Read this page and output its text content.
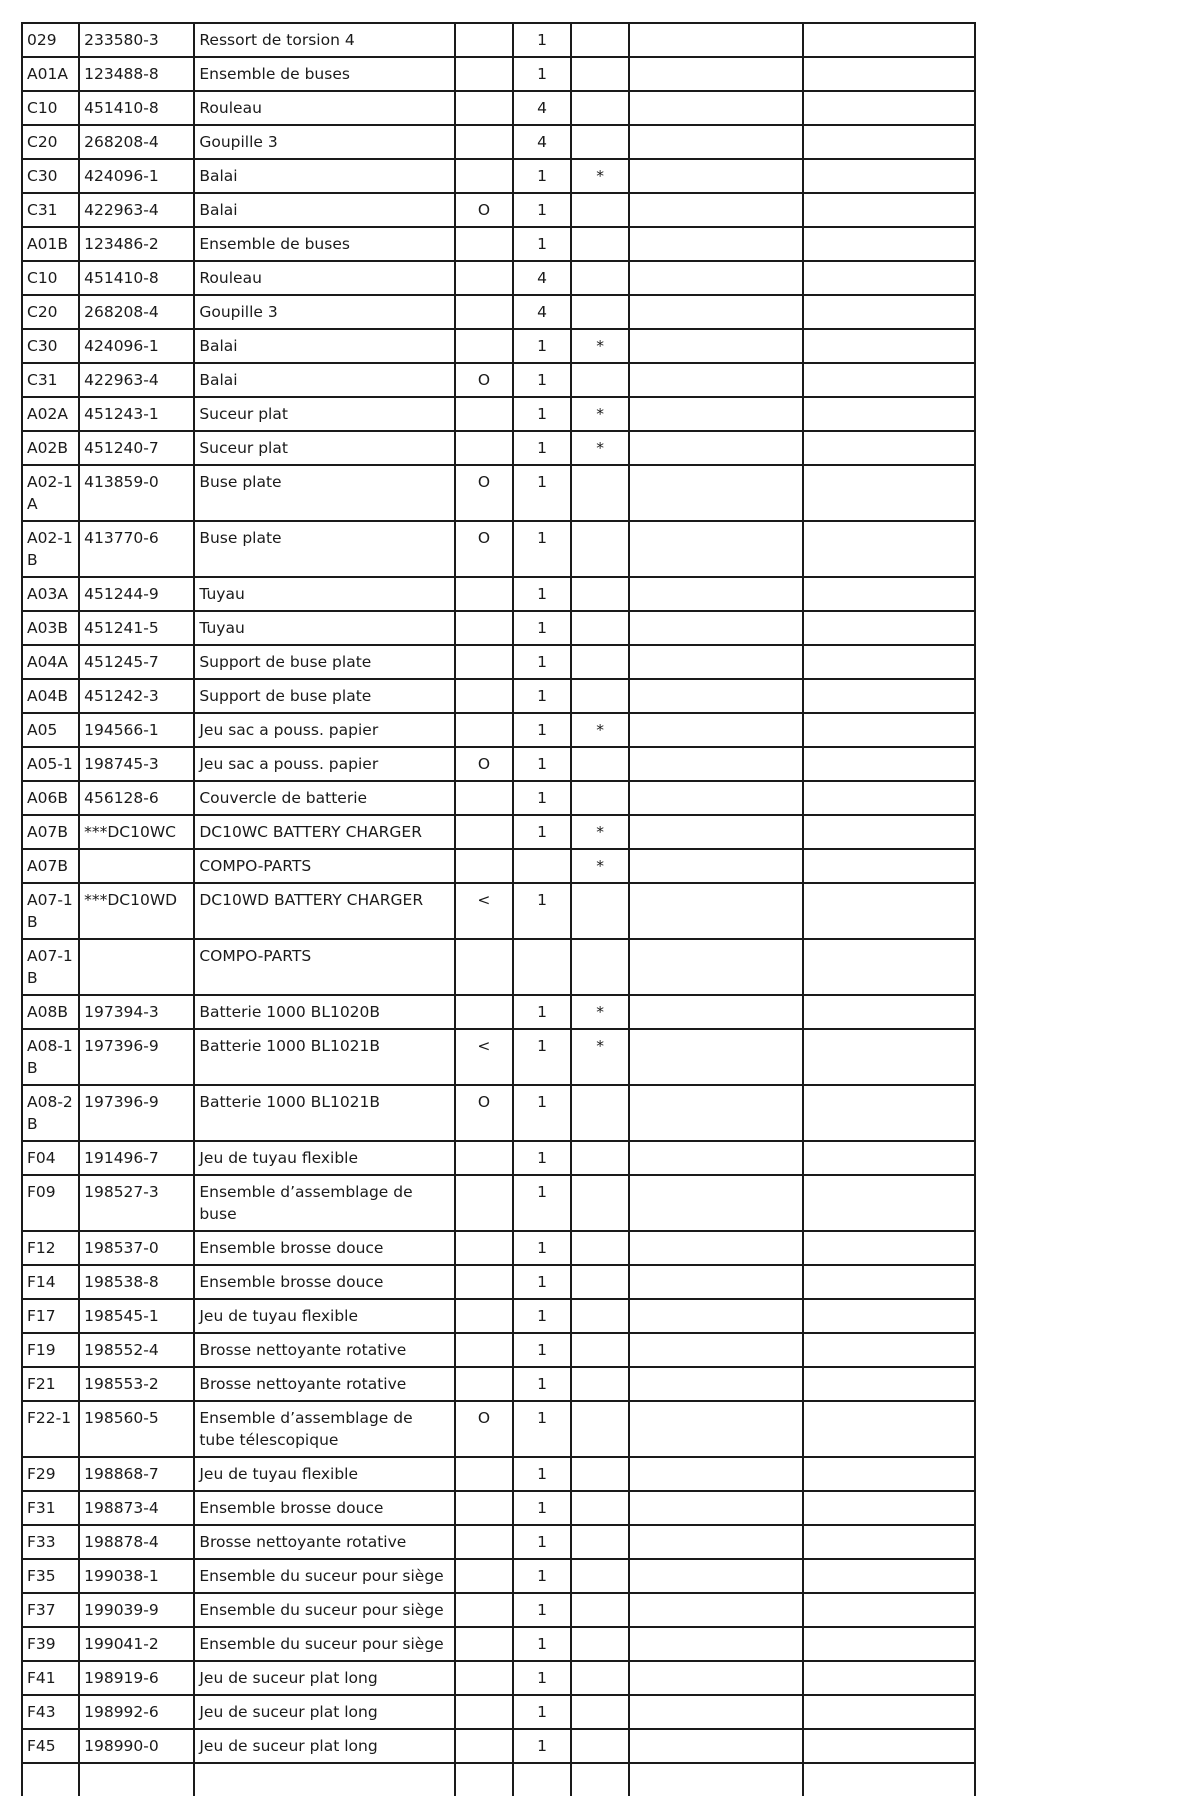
029	233580-3	Ressort de torsion 4		1			
A01A	123488-8	Ensemble de buses		1			
C10	451410-8	Rouleau		4			
C20	268208-4	Goupille 3		4			
C30	424096-1	Balai		1	*		
C31	422963-4	Balai	O	1			
A01B	123486-2	Ensemble de buses		1			
C10	451410-8	Rouleau		4			
C20	268208-4	Goupille 3		4			
C30	424096-1	Balai		1	*		
C31	422963-4	Balai	O	1			
A02A	451243-1	Suceur plat		1	*		
A02B	451240-7	Suceur plat		1	*		
A02-1A	413859-0	Buse plate	O	1			
A02-1B	413770-6	Buse plate	O	1			
A03A	451244-9	Tuyau		1			
A03B	451241-5	Tuyau		1			
A04A	451245-7	Support de buse plate		1			
A04B	451242-3	Support de buse plate		1			
A05	194566-1	Jeu sac a pouss. papier		1	*		
A05-1	198745-3	Jeu sac a pouss. papier	O	1			
A06B	456128-6	Couvercle de batterie		1			
A07B	***DC10WC	DC10WC BATTERY CHARGER		1	*		
A07B		COMPO-PARTS			*		
A07-1B	***DC10WD	DC10WD BATTERY CHARGER	<	1			
A07-1B		COMPO-PARTS					
A08B	197394-3	Batterie 1000 BL1020B		1	*		
A08-1B	197396-9	Batterie 1000 BL1021B	<	1	*		
A08-2B	197396-9	Batterie 1000 BL1021B	O	1			
F04	191496-7	Jeu de tuyau flexible		1			
F09	198527-3	Ensemble d’assemblage de buse		1			
F12	198537-0	Ensemble brosse douce		1			
F14	198538-8	Ensemble brosse douce		1			
F17	198545-1	Jeu de tuyau flexible		1			
F19	198552-4	Brosse nettoyante rotative		1			
F21	198553-2	Brosse nettoyante rotative		1			
F22-1	198560-5	Ensemble d’assemblage de tube télescopique	O	1			
F29	198868-7	Jeu de tuyau flexible		1			
F31	198873-4	Ensemble brosse douce		1			
F33	198878-4	Brosse nettoyante rotative		1			
F35	199038-1	Ensemble du suceur pour siège		1			
F37	199039-9	Ensemble du suceur pour siège		1			
F39	199041-2	Ensemble du suceur pour siège		1			
F41	198919-6	Jeu de suceur plat long		1			
F43	198992-6	Jeu de suceur plat long		1			
F45	198990-0	Jeu de suceur plat long		1			
